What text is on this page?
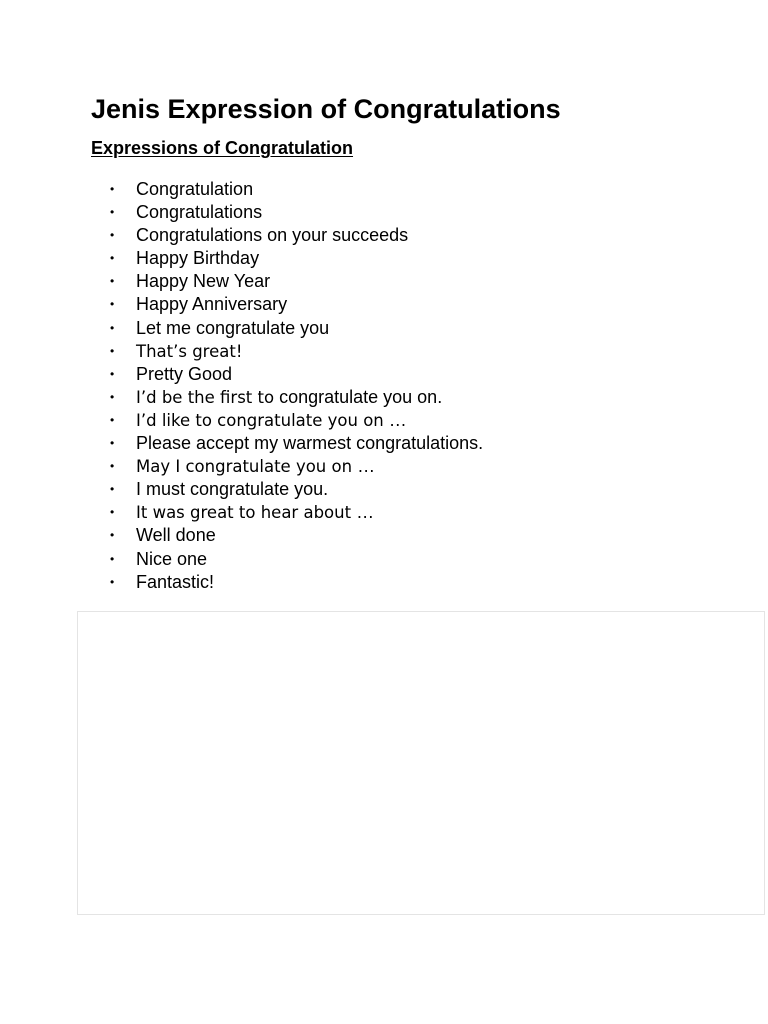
Jenis Expression of Congratulations
Expressions of Congratulation
• Congratulation
• Congratulations
• Congratulations on your succeeds
• Happy Birthday
• Happy New Year
• Happy Anniversary
• Let me congratulate you
• That’s great!
• Pretty Good
• I’d be the first to congratulate you on.
• I’d like to congratulate you on …
• Please accept my warmest congratulations.
• May I congratulate you on …
• I must congratulate you.
• It was great to hear about …
• Well done
• Nice one
• Fantastic!
